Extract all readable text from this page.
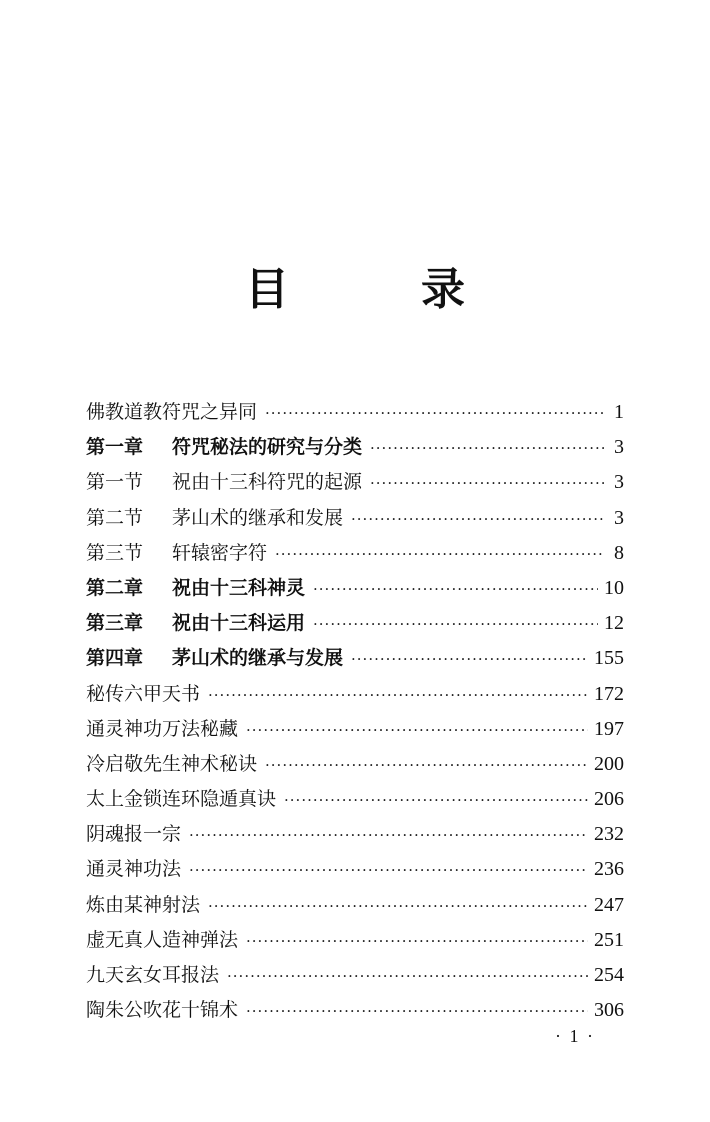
目　录
佛教道教符咒之异同 ·····	1
第一章	符咒秘法的研究与分类 ·····	3
第一节	祝由十三科符咒的起源 ·····	3
第二节	茅山术的继承和发展 ·····	3
第三节	轩辕密字符 ·····	8
第二章	祝由十三科神灵 ·····	10
第三章	祝由十三科运用 ·····	12
第四章	茅山术的继承与发展 ·····	155
秘传六甲天书 ·····	172
通灵神功万法秘藏 ·····	197
冷启敬先生神术秘诀 ·····	200
太上金锁连环隐遁真诀 ·····	206
阴魂报一宗 ·····	232
通灵神功法 ·····	236
炼由某神射法 ·····	247
虚无真人造神弹法 ·····	251
九天玄女耳报法 ·····	254
陶朱公吹花十锦术 ·····	306
· 1 ·
